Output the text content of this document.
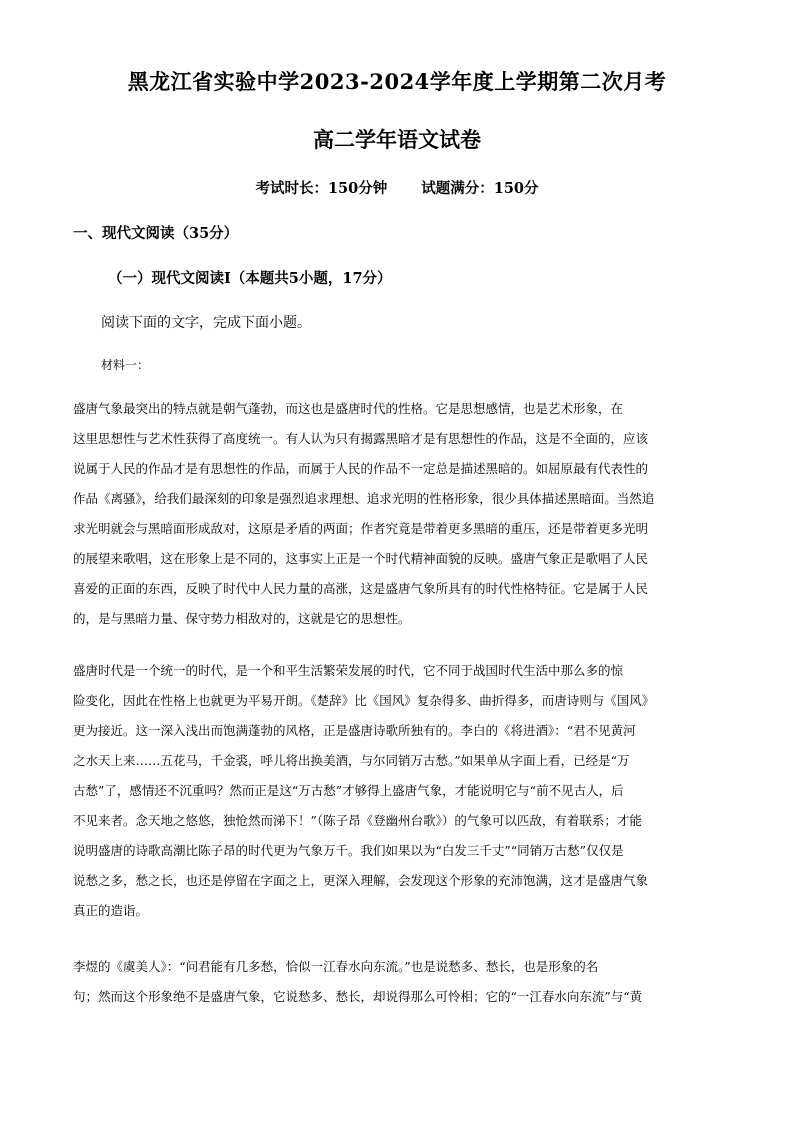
黑龙江省实验中学2023-2024学年度上学期第二次月考
高二学年语文试卷
考试时长：150分钟 试题满分：150分
一、现代文阅读（35分）
（一）现代文阅读Ⅰ（本题共5小题，17分）
阅读下面的文字，完成下面小题。
材料一：
盛唐气象最突出的特点就是朝气蓬勃，而这也是盛唐时代的性格。它是思想感情，也是艺术形象，在
这里思想性与艺术性获得了高度统一。有人认为只有揭露黑暗才是有思想性的作品，这是不全面的，应该
说属于人民的作品才是有思想性的作品，而属于人民的作品不一定总是描述黑暗的。如屈原最有代表性的
作品《离骚》，给我们最深刻的印象是强烈追求理想、追求光明的性格形象，很少具体描述黑暗面。当然追
求光明就会与黑暗面形成敌对，这原是矛盾的两面；作者究竟是带着更多黑暗的重压，还是带着更多光明
的展望来歌唱，这在形象上是不同的，这事实上正是一个时代精神面貌的反映。盛唐气象正是歌唱了人民
喜爱的正面的东西，反映了时代中人民力量的高涨，这是盛唐气象所具有的时代性格特征。它是属于人民
的，是与黑暗力量、保守势力相敌对的，这就是它的思想性。
盛唐时代是一个统一的时代，是一个和平生活繁荣发展的时代，它不同于战国时代生活中那么多的惊
险变化，因此在性格上也就更为平易开朗。《楚辞》比《国风》复杂得多、曲折得多，而唐诗则与《国风》
更为接近。这一深入浅出而饱满蓬勃的风格，正是盛唐诗歌所独有的。李白的《将进酒》：“君不见黄河
之水天上来……五花马，千金裘，呼儿将出换美酒，与尔同销万古愁。”如果单从字面上看，已经是“万
古愁”了，感情还不沉重吗？然而正是这“万古愁”才够得上盛唐气象，才能说明它与“前不见古人，后
不见来者。念天地之悠悠，独怆然而涕下！”（陈子昂《登幽州台歌》）的气象可以匹敌，有着联系；才能
说明盛唐的诗歌高潮比陈子昂的时代更为气象万千。我们如果以为“白发三千丈”“同销万古愁”仅仅是
说愁之多，愁之长，也还是停留在字面之上，更深入理解，会发现这个形象的充沛饱满，这才是盛唐气象
真正的造诣。
李煜的《虞美人》：“问君能有几多愁，恰似一江春水向东流。”也是说愁多、愁长，也是形象的名
句；然而这个形象绝不是盛唐气象，它说愁多、愁长，却说得那么可怜相；它的“一江春水向东流”与“黄
